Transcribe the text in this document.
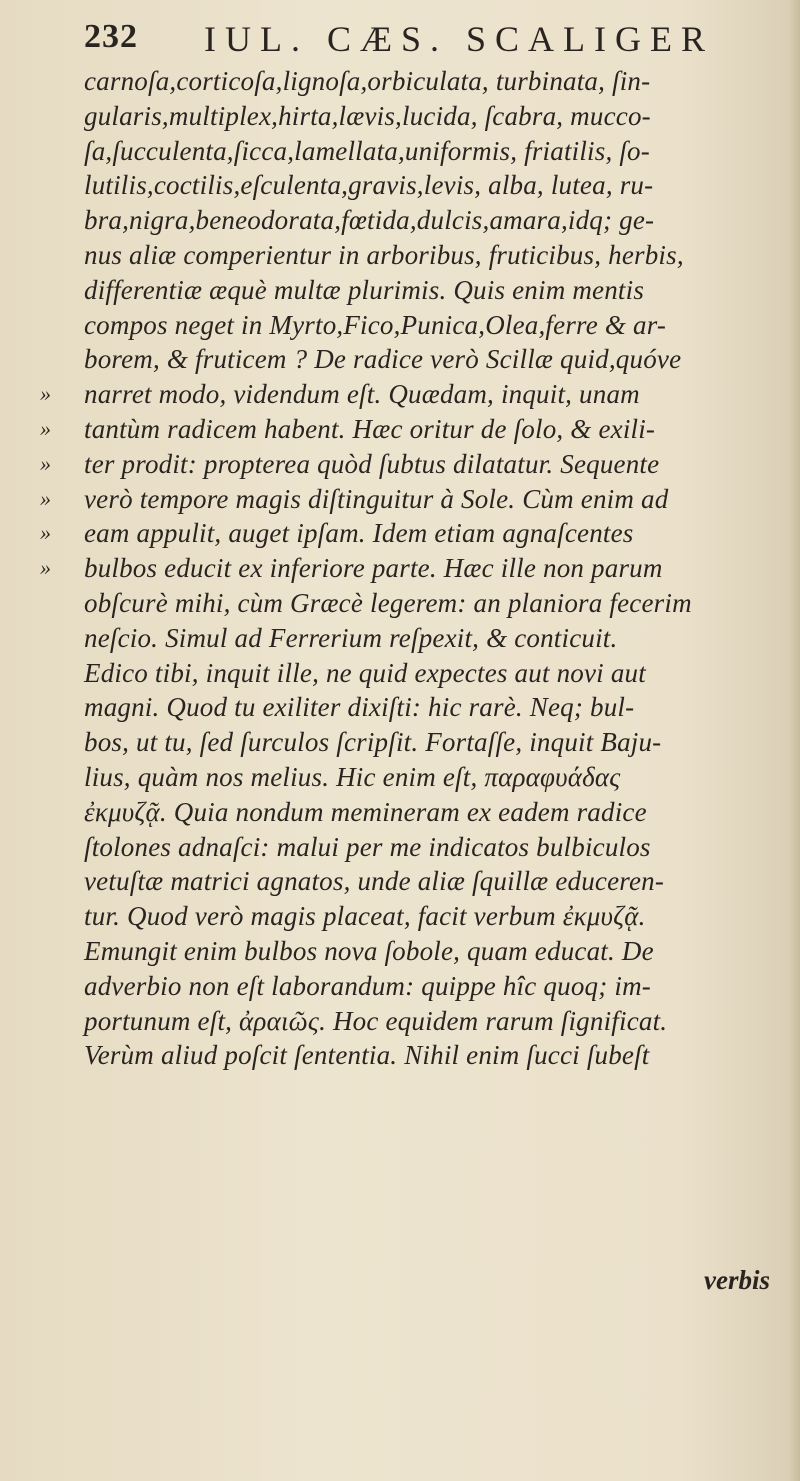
232 IUL. CÆS. SCALIGER
carnoſa,corticoſa,lignoſa,orbiculata, turbinata, ſin-
gularis,multiplex,hirta,lævis,lucida, ſcabra, mucco-
ſa,ſucculenta,ſicca,lamellata,uniformis, friatilis, ſo-
lutilis,coctilis,eſculenta,gravis,levis, alba, lutea, ru-
bra,nigra,beneodorata,fœtida,dulcis,amara,idq; ge-
nus aliæ comperientur in arboribus, fruticibus, herbis,
differentiæ æquè multæ plurimis. Quis enim mentis
compos neget in Myrto,Fico,Punica,Olea,ferre & ar-
borem, & fruticem ? De radice verò Scillæ quid,quóve
» narret modo, videndum eſt. Quædam, inquit, unam
» tantùm radicem habent. Hæc oritur de ſolo, & exili-
» ter prodit: propterea quòd ſubtus dilatatur. Sequente
» verò tempore magis diſtinguitur à Sole. Cùm enim ad
» eam appulit, auget ipſam. Idem etiam agnaſcentes
» bulbos educit ex inferiore parte. Hæc ille non parum
obſcurè mihi, cùm Græcè legerem: an planiora fecerim
neſcio. Simul ad Ferrerium reſpexit, & conticuit.
Edico tibi, inquit ille, ne quid expectes aut novi aut
magni. Quod tu exiliter dixiſti: hic rarè. Neq; bul-
bos, ut tu, ſed ſurculos ſcripſit. Fortaſſe, inquit Baju-
lius, quàm nos melius. Hic enim eſt, παραφυάδας
ἐκμυζᾷ. Quia nondum memineram ex eadem radice
ſtolones adnaſci: malui per me indicatos bulbiculos
vetuſtæ matrici agnatos, unde aliæ ſquillæ educeren-
tur. Quod verò magis placeat, facit verbum ἐκμυζᾷ.
Emungit enim bulbos nova ſobole, quam educat. De
adverbio non eſt laborandum: quippe hîc quoq; im-
portunum eſt, ἀραιῶς. Hoc equidem rarum ſignificat.
Verùm aliud poſcit ſententia. Nihil enim ſucci ſubeſt
verbis
